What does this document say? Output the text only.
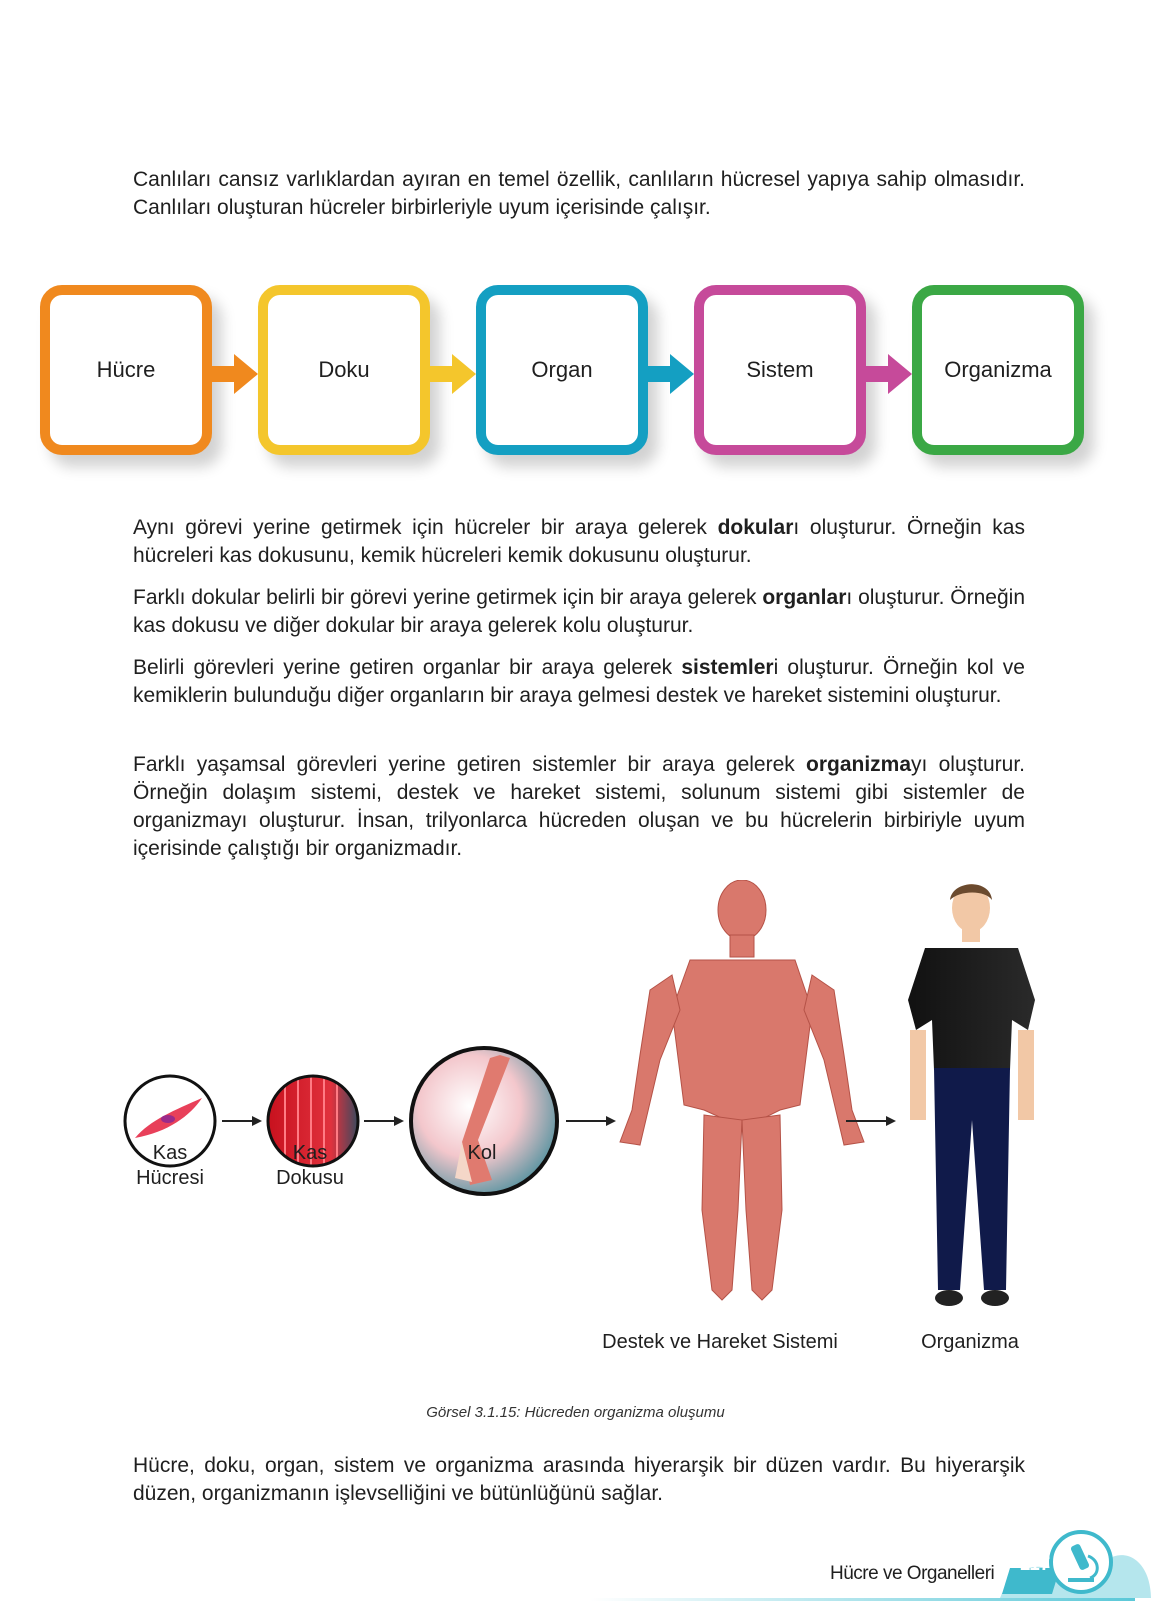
Canlıları cansız varlıklardan ayıran en temel özellik, canlıların hücresel yapıya sahip olmasıdır. Canlıları oluşturan hücreler birbirleriyle uyum içerisinde çalışır.

Hücre	Doku	Organ	Sistem	Organizma

Aynı görevi yerine getirmek için hücreler bir araya gelerek dokuları oluşturur. Örneğin kas hücreleri kas dokusunu, kemik hücreleri kemik dokusunu oluşturur.

Farklı dokular belirli bir görevi yerine getirmek için bir araya gelerek organları oluşturur. Örneğin kas dokusu ve diğer dokular bir araya gelerek kolu oluşturur.

Belirli görevleri yerine getiren organlar bir araya gelerek sistemleri oluşturur. Örneğin kol ve kemiklerin bulunduğu diğer organların bir araya gelmesi destek ve hareket sistemini oluşturur.

Farklı yaşamsal görevleri yerine getiren sistemler bir araya gelerek organizmayı oluşturur. Örneğin dolaşım sistemi, destek ve hareket sistemi, solunum sistemi gibi sistemler de organizmayı oluşturur. İnsan, trilyonlarca hücreden oluşan ve bu hücrelerin birbiriyle uyum içerisinde çalıştığı bir organizmadır.

Kas
Hücresi
Kas
Dokusu
Kol
Destek ve Hareket Sistemi	Organizma
Görsel 3.1.15: Hücreden organizma oluşumu

Hücre, doku, organ, sistem ve organizma arasında hiyerarşik bir düzen vardır. Bu hiyerarşik düzen, organizmanın işlevselliğini ve bütünlüğünü sağlar.

Hücre ve Organelleri	117
